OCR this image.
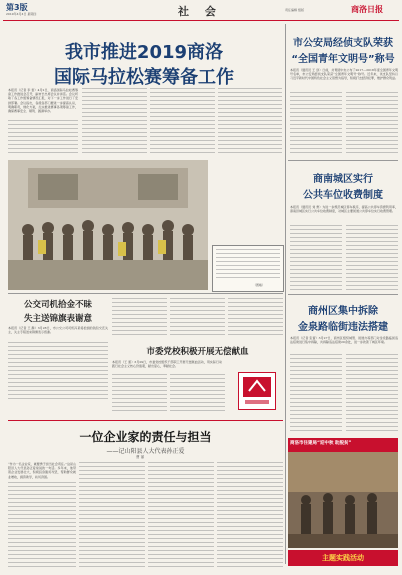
第3版
2019年4月4日 星期四	社 会	责任编辑 组版	商洛日报
我市推进2019商洛
国际马拉松赛筹备工作
本报讯（记者 李 雷）4月2日，商洛国际马拉松赛筹备工作推进会召开，副市长出席会议并讲话。会议听取了各工作组筹备情况汇报，对下一步工作进行了安排部署。会议指出，各级各部门要进一步提高认识，明确职责，细化方案，扎实推进赛事各项筹备工作，确保赛事安全、顺利、圆满举办。
市公安局经侦支队荣获
“全国青年文明号”称号
本报讯（通讯员 王 剑）日前，共青团中央公布了2017—2018年度全国青年文明号名单，市公安局经侦支队荣获“全国青年文明号”称号。近年来，该支队坚持以习近平新时代中国特色社会主义思想为指导，积极打击经济犯罪，维护群众利益。
（图略）
商南城区实行
公共车位收费制度
本报讯（通讯员 刘 勇）为进一步规范城区停车秩序，提高公共停车资源利用率，商南县城区实行公共车位收费制度，对城区主要街道公共停车位实行收费管理。
公交司机拾金不昧
失主送锦旗表谢意
本报讯（记者 王 静）3月28日，市公交公司司机冯某将拾到的钱包交还失主，失主专程送来锦旗表示感谢。
市委党校积极开展无偿献血
本报讯（王 蕾）3月29日，市委党校组织干部职工开展无偿献血活动，用实际行动践行社会主义核心价值观，献出爱心，奉献社会。
商州区集中拆除
金泉路临街违法搭建
本报讯（记者 张蕾）3月27日，商州区组织城管、街道办等部门对金泉路临街违法搭建进行集中拆除，共拆除违法搭建20余处，进一步改善了城区环境。
一位企业家的责任与担当
——记山阳县人大代表孙正爱
曹 丽
“作为一名企业家，就要勇于担当社会责任。”这是山阳县人大代表孙正爱常说的一句话。多年来，他带领企业发展壮大，积极投身脱贫攻坚，帮助群众就业增收，捐资助学，扶贫济困。
商洛市住建局“迎中秋 助脱贫”
主题实践活动
